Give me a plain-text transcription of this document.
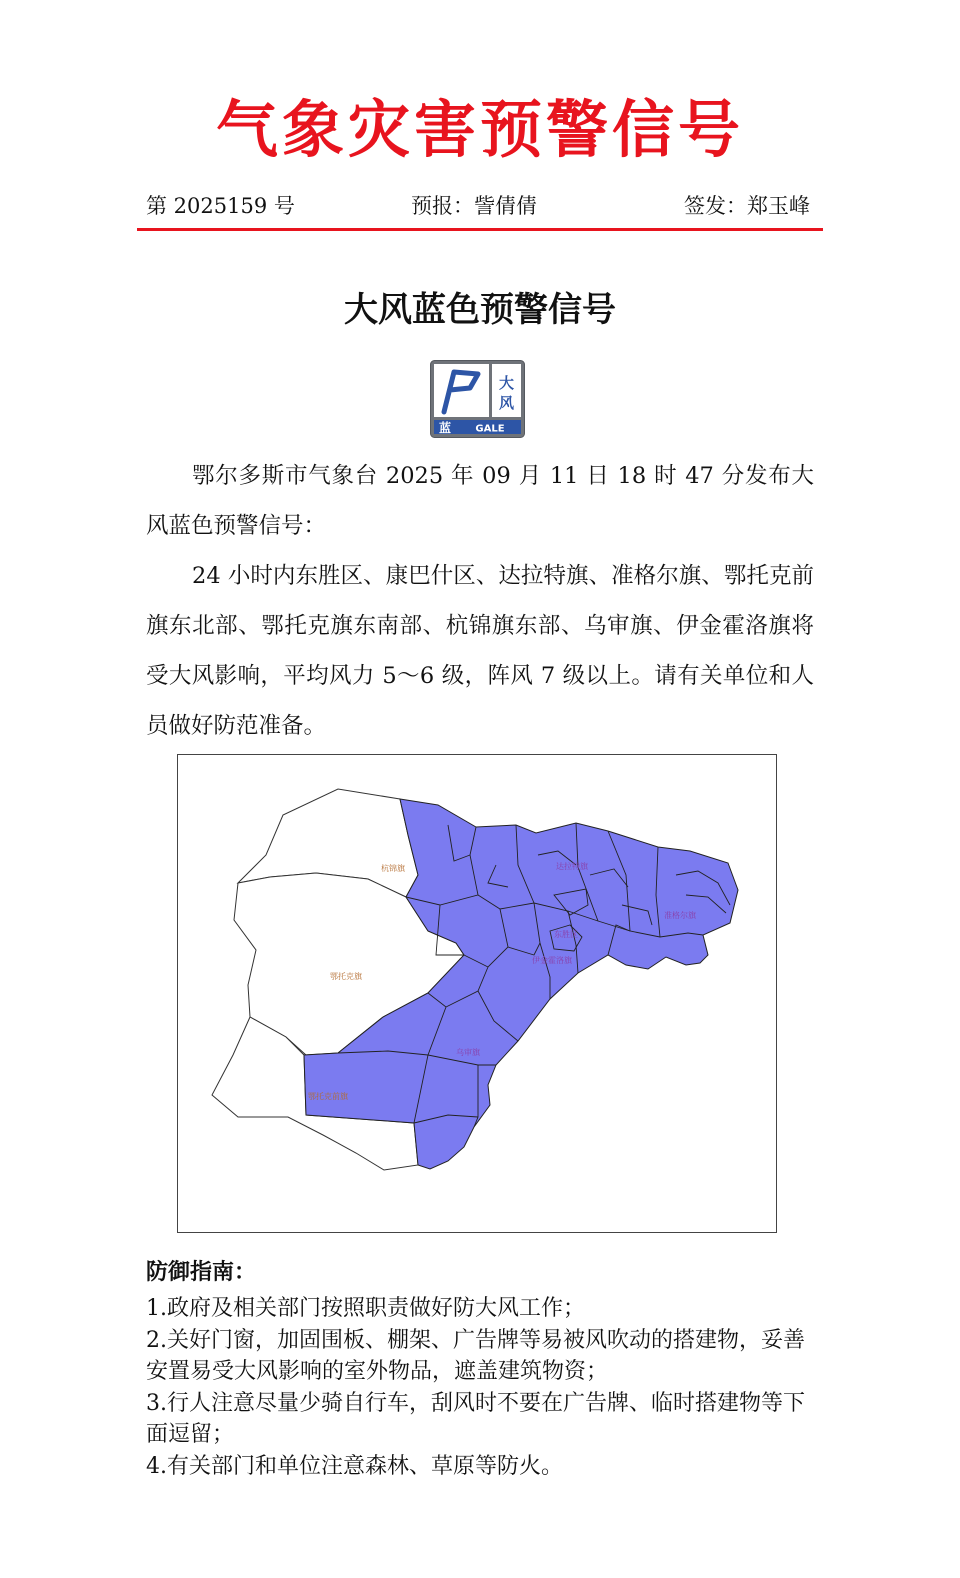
气象灾害预警信号
第 2025159 号	预报：訾倩倩	签发：郑玉峰
大风蓝色预警信号
大
风
蓝 GALE
鄂尔多斯市气象台 2025 年 09 月 11 日 18 时 47 分发布大风蓝色预警信号：
24 小时内东胜区、康巴什区、达拉特旗、准格尔旗、鄂托克前旗东北部、鄂托克旗东南部、杭锦旗东部、乌审旗、伊金霍洛旗将受大风影响，平均风力 5～6 级，阵风 7 级以上。请有关单位和人员做好防范准备。
杭锦旗
鄂托克旗
鄂托克前旗
达拉特旗
准格尔旗
东胜区
伊金霍洛旗
乌审旗
防御指南：
1.政府及相关部门按照职责做好防大风工作；
2.关好门窗，加固围板、棚架、广告牌等易被风吹动的搭建物，妥善安置易受大风影响的室外物品，遮盖建筑物资；
3.行人注意尽量少骑自行车，刮风时不要在广告牌、临时搭建物等下面逗留；
4.有关部门和单位注意森林、草原等防火。
